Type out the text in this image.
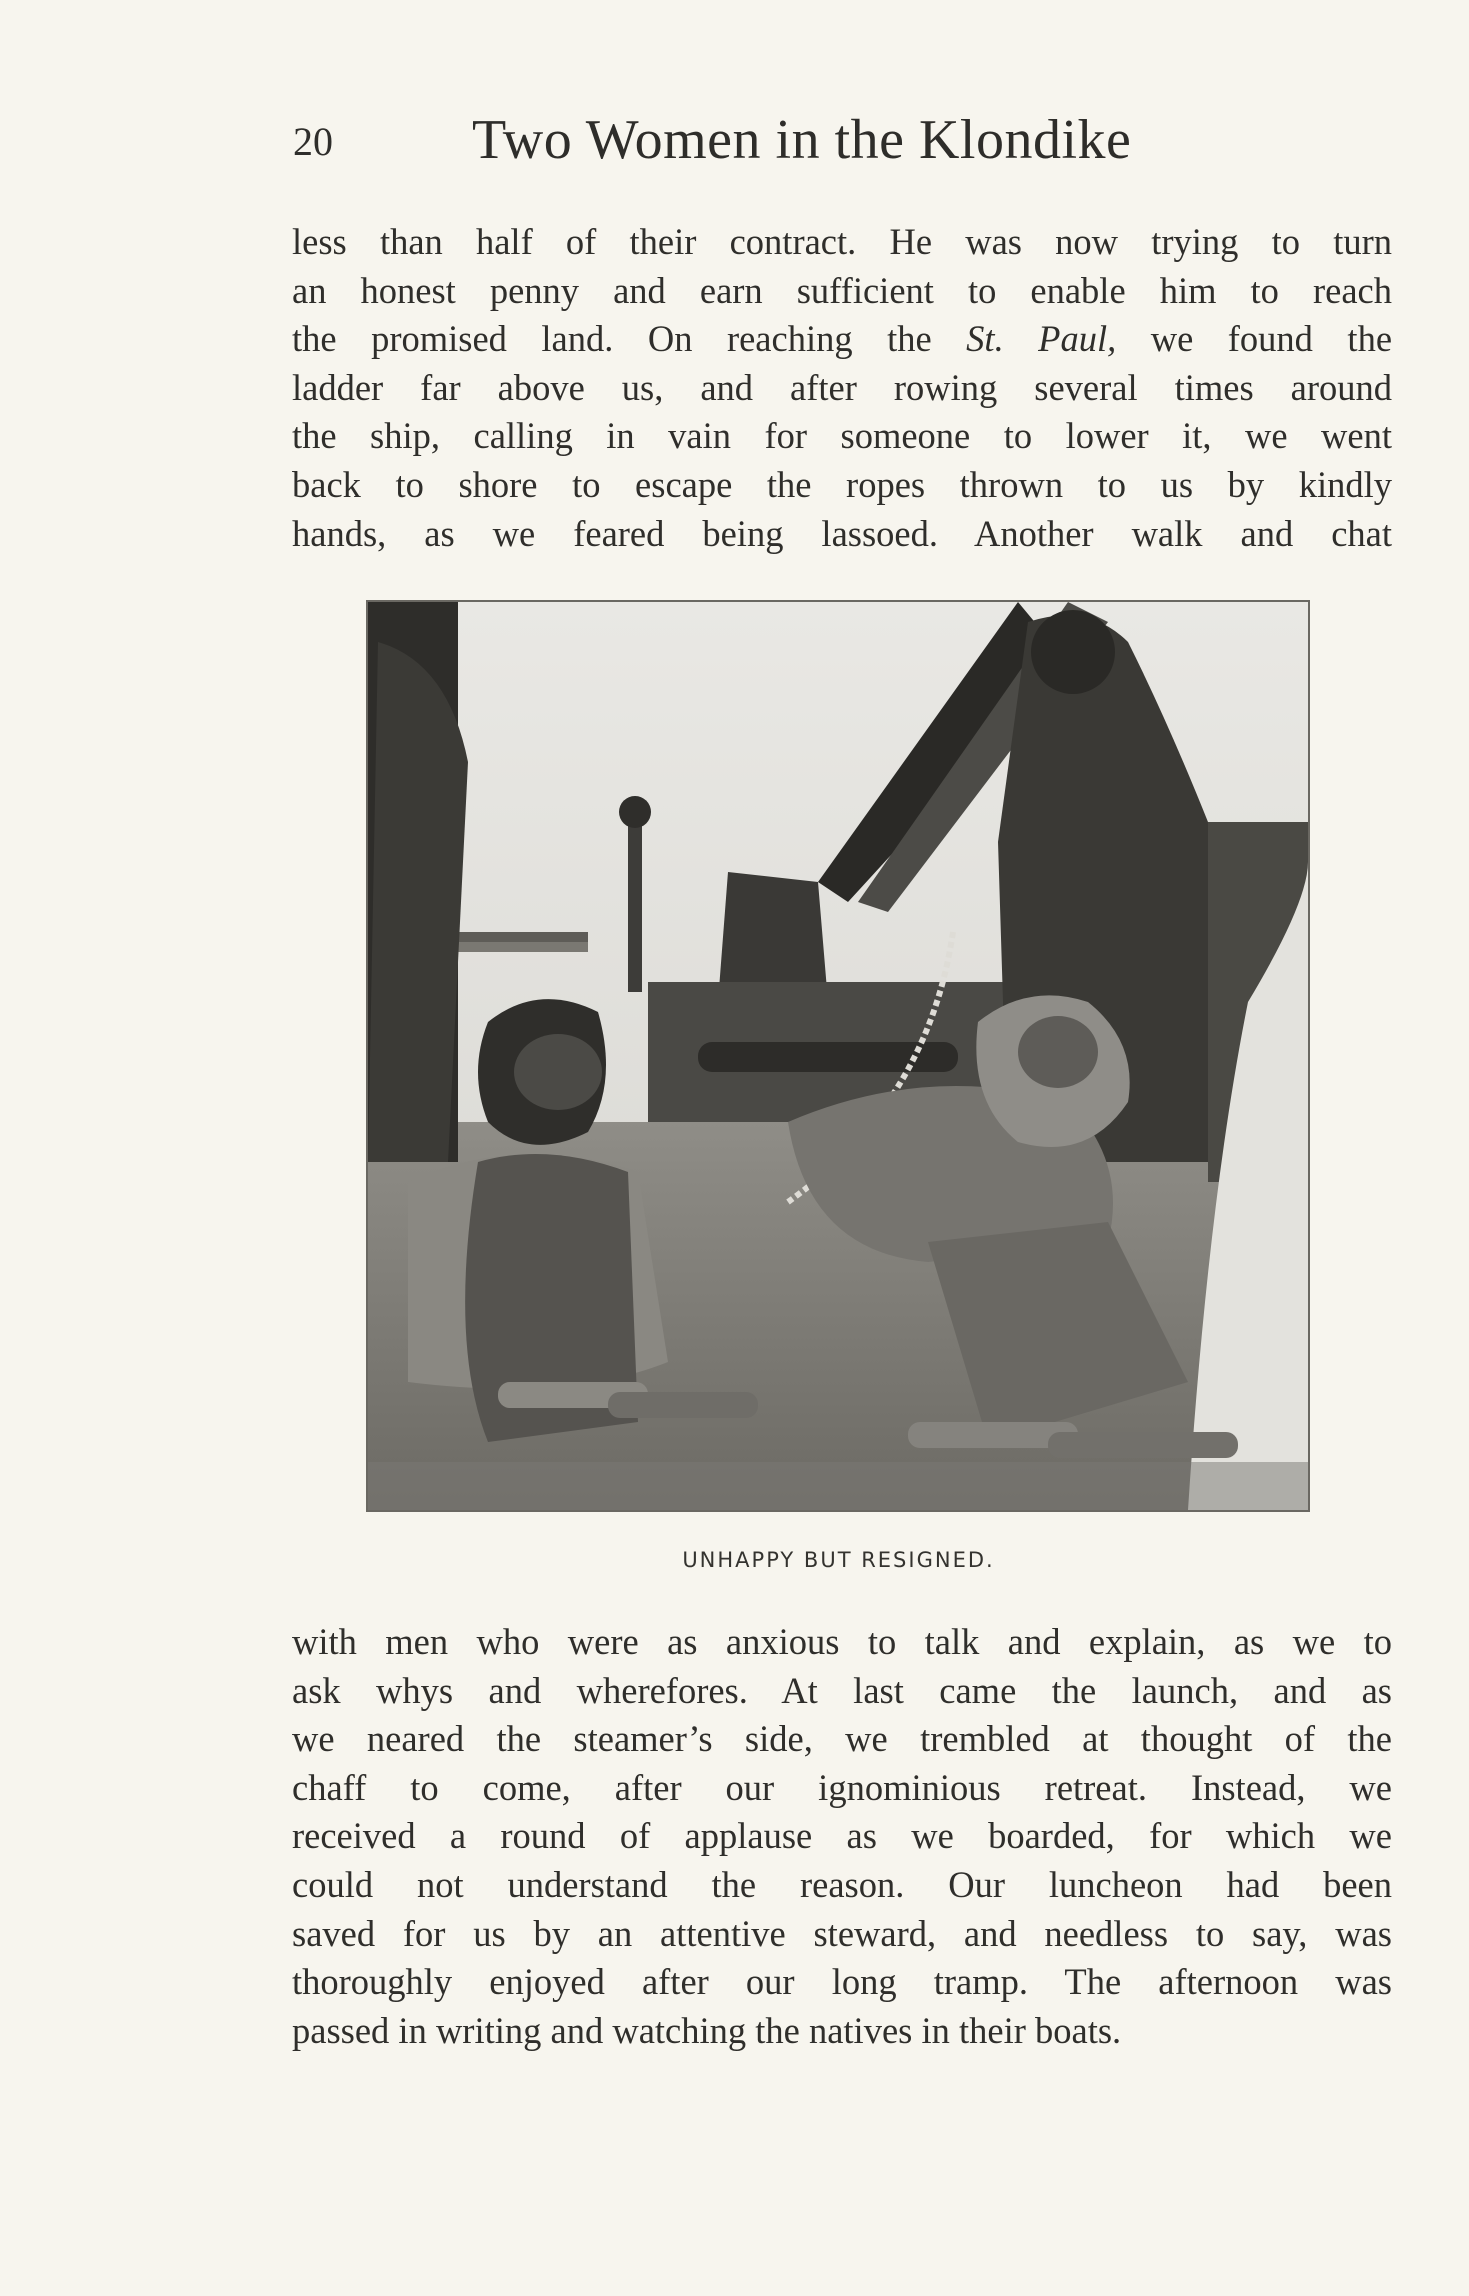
20 Two Women in the Klondike
less than half of their contract. He was now trying to turn
an honest penny and earn sufficient to enable him to reach
the promised land. On reaching the St. Paul, we found the
ladder far above us, and after rowing several times around
the ship, calling in vain for someone to lower it, we went
back to shore to escape the ropes thrown to us by kindly
hands, as we feared being lassoed. Another walk and chat
UNHAPPY BUT RESIGNED.
with men who were as anxious to talk and explain, as we to
ask whys and wherefores. At last came the launch, and as
we neared the steamer’s side, we trembled at thought of the
chaff to come, after our ignominious retreat. Instead, we
received a round of applause as we boarded, for which we
could not understand the reason. Our luncheon had been
saved for us by an attentive steward, and needless to say, was
thoroughly enjoyed after our long tramp. The afternoon was
passed in writing and watching the natives in their boats.
